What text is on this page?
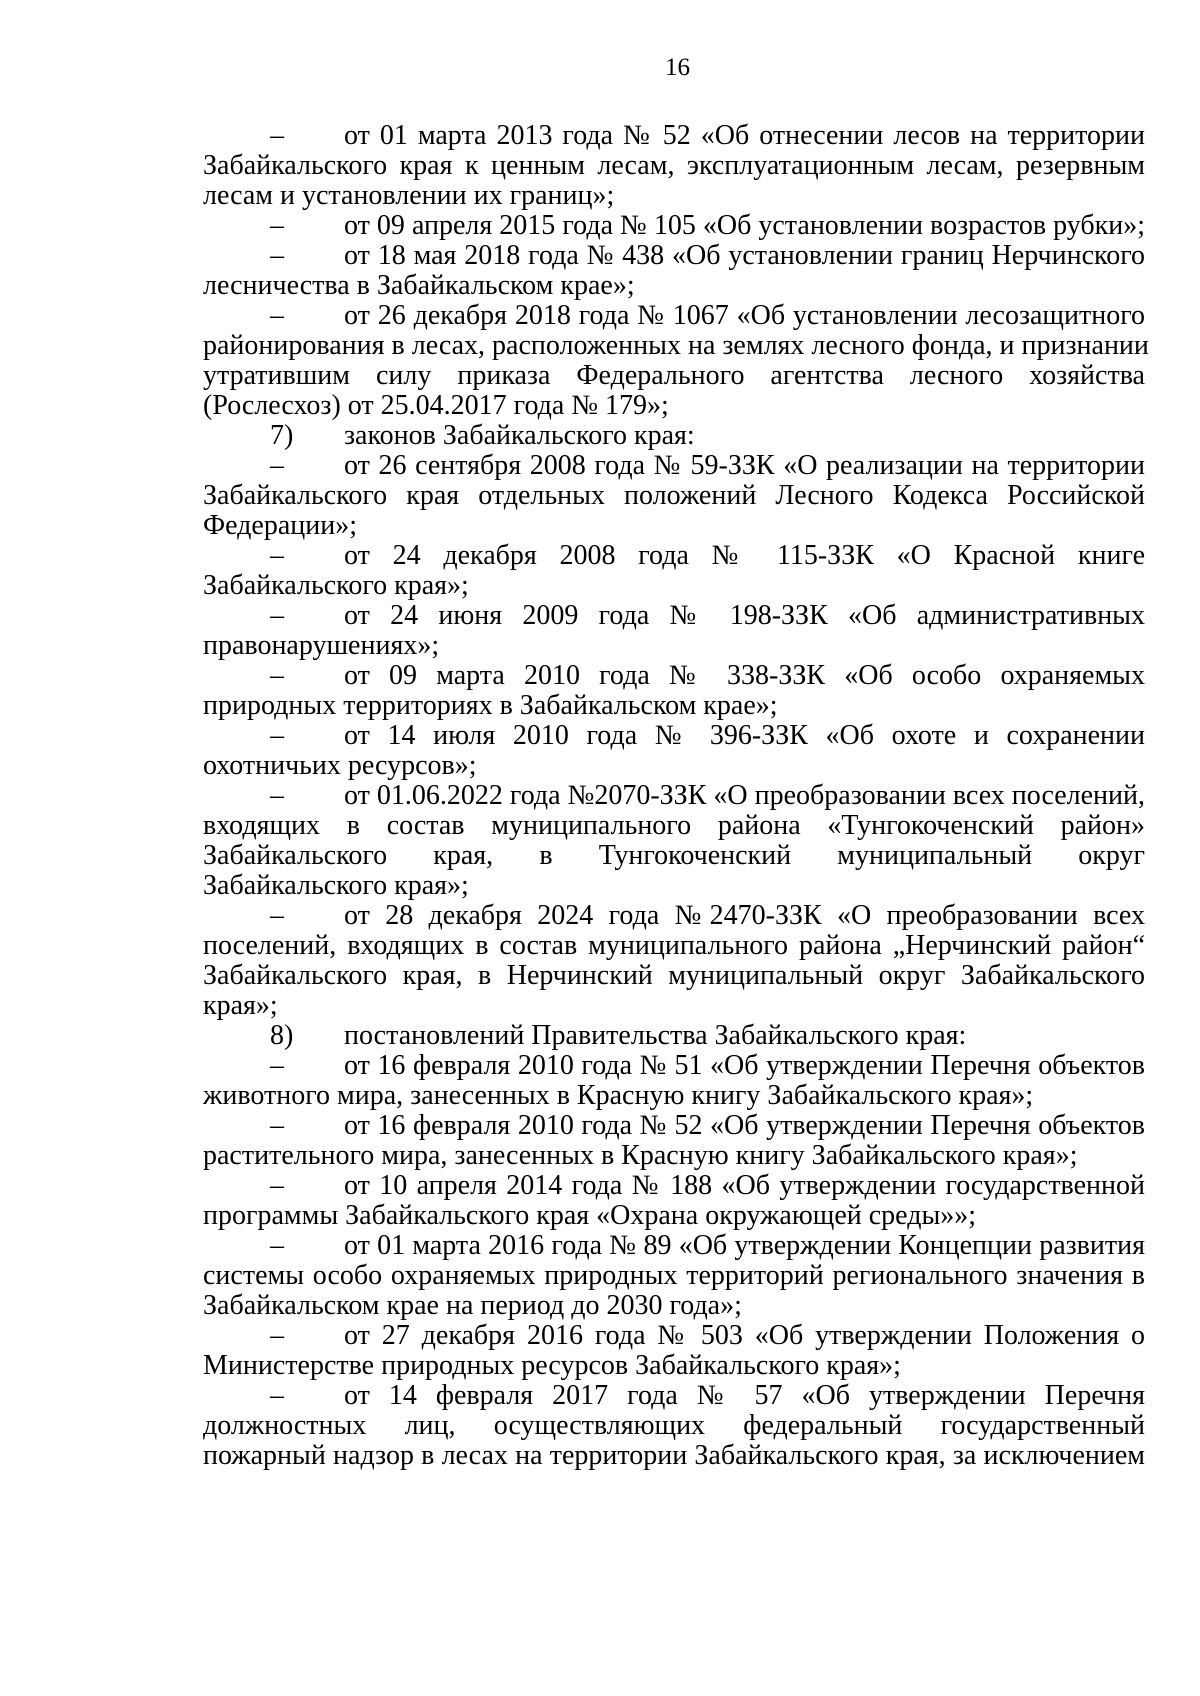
16
– от 01 марта 2013 года № 52 «Об отнесении лесов на территории
Забайкальского края к ценным лесам, эксплуатационным лесам, резервным
лесам и установлении их границ»;
– от 09 апреля 2015 года № 105 «Об установлении возрастов рубки»;
– от 18 мая 2018 года № 438 «Об установлении границ Нерчинского
лесничества в Забайкальском крае»;
– от 26 декабря 2018 года № 1067 «Об установлении лесозащитного
районирования в лесах, расположенных на землях лесного фонда, и признании
утратившим силу приказа Федерального агентства лесного хозяйства
(Рослесхоз) от 25.04.2017 года № 179»;
7) законов Забайкальского края:
– от 26 сентября 2008 года № 59-ЗЗК «О реализации на территории
Забайкальского края отдельных положений Лесного Кодекса Российской
Федерации»;
– от 24 декабря 2008 года № 115-ЗЗК «О Красной книге
Забайкальского края»;
– от 24 июня 2009 года № 198-ЗЗК «Об административных
правонарушениях»;
– от 09 марта 2010 года № 338-ЗЗК «Об особо охраняемых
природных территориях в Забайкальском крае»;
– от 14 июля 2010 года № 396-ЗЗК «Об охоте и сохранении
охотничьих ресурсов»;
– от 01.06.2022 года №2070-ЗЗК «О преобразовании всех поселений,
входящих в состав муниципального района «Тунгокоченский район»
Забайкальского края, в Тунгокоченский муниципальный округ
Забайкальского края»;
– от 28 декабря 2024 года №2470-ЗЗК «О преобразовании всех
поселений, входящих в состав муниципального района „Нерчинский район“
Забайкальского края, в Нерчинский муниципальный округ Забайкальского
края»;
8) постановлений Правительства Забайкальского края:
– от 16 февраля 2010 года № 51 «Об утверждении Перечня объектов
животного мира, занесенных в Красную книгу Забайкальского края»;
– от 16 февраля 2010 года № 52 «Об утверждении Перечня объектов
растительного мира, занесенных в Красную книгу Забайкальского края»;
– от 10 апреля 2014 года № 188 «Об утверждении государственной
программы Забайкальского края «Охрана окружающей среды»»;
– от 01 марта 2016 года № 89 «Об утверждении Концепции развития
системы особо охраняемых природных территорий регионального значения в
Забайкальском крае на период до 2030 года»;
– от 27 декабря 2016 года № 503 «Об утверждении Положения о
Министерстве природных ресурсов Забайкальского края»;
– от 14 февраля 2017 года № 57 «Об утверждении Перечня
должностных лиц, осуществляющих федеральный государственный
пожарный надзор в лесах на территории Забайкальского края, за исключением
